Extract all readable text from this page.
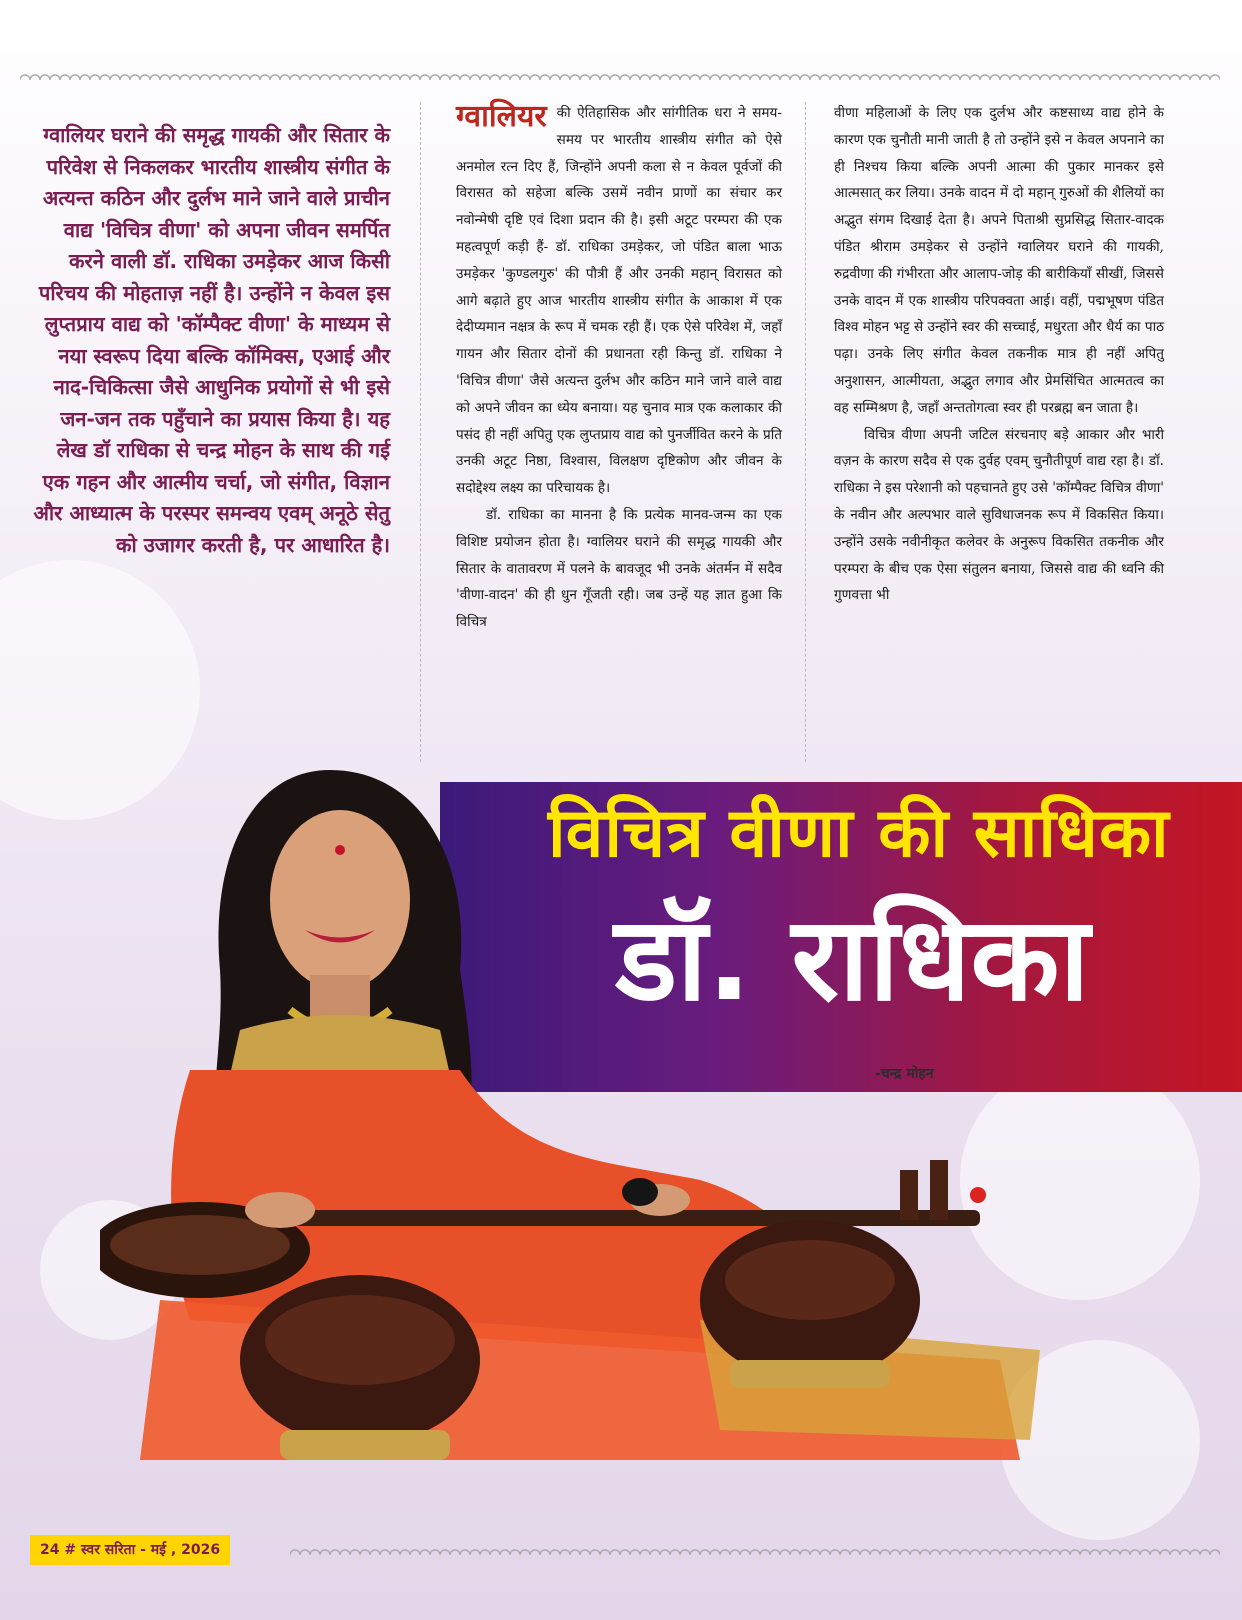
ग्वालियर घराने की समृद्ध गायकी और सितार के परिवेश से निकलकर भारतीय शास्त्रीय संगीत के अत्यन्त कठिन और दुर्लभ माने जाने वाले प्राचीन वाद्य 'विचित्र वीणा' को अपना जीवन समर्पित करने वाली डॉ. राधिका उमड़ेकर आज किसी परिचय की मोहताज़ नहीं है। उन्होंने न केवल इस लुप्तप्राय वाद्य को 'कॉम्पैक्ट वीणा' के माध्यम से नया स्वरूप दिया बल्कि कॉमिक्स, एआई और नाद-चिकित्सा जैसे आधुनिक प्रयोगों से भी इसे जन-जन तक पहुँचाने का प्रयास किया है। यह लेख डॉ राधिका से चन्द्र मोहन के साथ की गई एक गहन और आत्मीय चर्चा, जो संगीत, विज्ञान और आध्यात्म के परस्पर समन्वय एवम् अनूठे सेतु को उजागर करती है, पर आधारित है।

ग्वालियर की ऐतिहासिक और सांगीतिक धरा ने समय-समय पर भारतीय शास्त्रीय संगीत को ऐसे अनमोल रत्न दिए हैं, जिन्होंने अपनी कला से न केवल पूर्वजों की विरासत को सहेजा बल्कि उसमें नवीन प्राणों का संचार कर नवोन्मेषी दृष्टि एवं दिशा प्रदान की है। इसी अटूट परम्परा की एक महत्वपूर्ण कड़ी हैं- डॉ. राधिका उमड़ेकर, जो पंडित बाला भाऊ उमड़ेकर 'कुण्डलगुरु' की पौत्री हैं और उनकी महान् विरासत को आगे बढ़ाते हुए आज भारतीय शास्त्रीय संगीत के आकाश में एक देदीप्यमान नक्षत्र के रूप में चमक रही हैं। एक ऐसे परिवेश में, जहाँ गायन और सितार दोनों की प्रधानता रही किन्तु डॉ. राधिका ने 'विचित्र वीणा' जैसे अत्यन्त दुर्लभ और कठिन माने जाने वाले वाद्य को अपने जीवन का ध्येय बनाया। यह चुनाव मात्र एक कलाकार की पसंद ही नहीं अपितु एक लुप्तप्राय वाद्य को पुनर्जीवित करने के प्रति उनकी अटूट निष्ठा, विश्वास, विलक्षण दृष्टिकोण और जीवन के सदोद्देश्य लक्ष्य का परिचायक है।

डॉ. राधिका का मानना है कि प्रत्येक मानव-जन्म का एक विशिष्ट प्रयोजन होता है। ग्वालियर घराने की समृद्ध गायकी और सितार के वातावरण में पलने के बावजूद भी उनके अंतर्मन में सदैव 'वीणा-वादन' की ही धुन गूँजती रही। जब उन्हें यह ज्ञात हुआ कि विचित्र

वीणा महिलाओं के लिए एक दुर्लभ और कष्टसाध्य वाद्य होने के कारण एक चुनौती मानी जाती है तो उन्होंने इसे न केवल अपनाने का ही निश्चय किया बल्कि अपनी आत्मा की पुकार मानकर इसे आत्मसात् कर लिया। उनके वादन में दो महान् गुरुओं की शैलियों का अद्भुत संगम दिखाई देता है। अपने पिताश्री सुप्रसिद्ध सितार-वादक पंडित श्रीराम उमड़ेकर से उन्होंने ग्वालियर घराने की गायकी, रुद्रवीणा की गंभीरता और आलाप-जोड़ की बारीकियाँ सीखीं, जिससे उनके वादन में एक शास्त्रीय परिपक्वता आई। वहीं, पद्मभूषण पंडित विश्व मोहन भट्ट से उन्होंने स्वर की सच्चाई, मधुरता और धैर्य का पाठ पढ़ा। उनके लिए संगीत केवल तकनीक मात्र ही नहीं अपितु अनुशासन, आत्मीयता, अद्भुत लगाव और प्रेमसिंचित आत्मतत्व का वह सम्मिश्रण है, जहाँ अन्ततोगत्वा स्वर ही परब्रह्म बन जाता है।

विचित्र वीणा अपनी जटिल संरचनाए बड़े आकार और भारी वज़न के कारण सदैव से एक दुर्वह एवम् चुनौतीपूर्ण वाद्य रहा है। डॉ. राधिका ने इस परेशानी को पहचानते हुए उसे 'कॉम्पैक्ट विचित्र वीणा' के नवीन और अल्पभार वाले सुविधाजनक रूप में विकसित किया। उन्होंने उसके नवीनीकृत कलेवर के अनुरूप विकसित तकनीक और परम्परा के बीच एक ऐसा संतुलन बनाया, जिससे वाद्य की ध्वनि की गुणवत्ता भी

विचित्र वीणा की साधिका
डॉ. राधिका
-चन्द्र मोहन
24 # स्वर सरिता - मई , 2026
